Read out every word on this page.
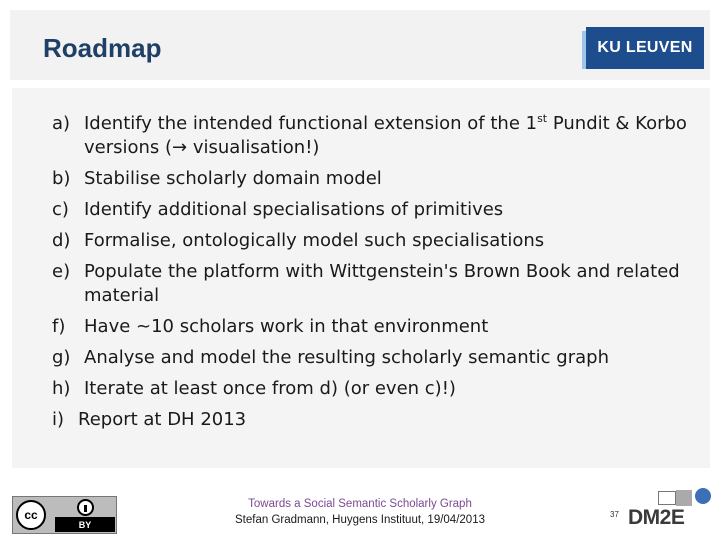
Roadmap	KU LEUVEN
a) Identify the intended functional extension of the 1st Pundit & Korbo versions (→ visualisation!)
b) Stabilise scholarly domain model
c) Identify additional specialisations of primitives
d) Formalise, ontologically model such specialisations
e) Populate the platform with Wittgenstein's Brown Book and related material
f)	Have ~10 scholars work in that environment
g) Analyse and model the resulting scholarly semantic graph
h) Iterate at least once from d) (or even c)!)
i) Report at DH 2013
cc
BY
Towards a Social Semantic Scholarly Graph
Stefan Gradmann, Huygens Instituut, 19/04/2013	37 DM2E
